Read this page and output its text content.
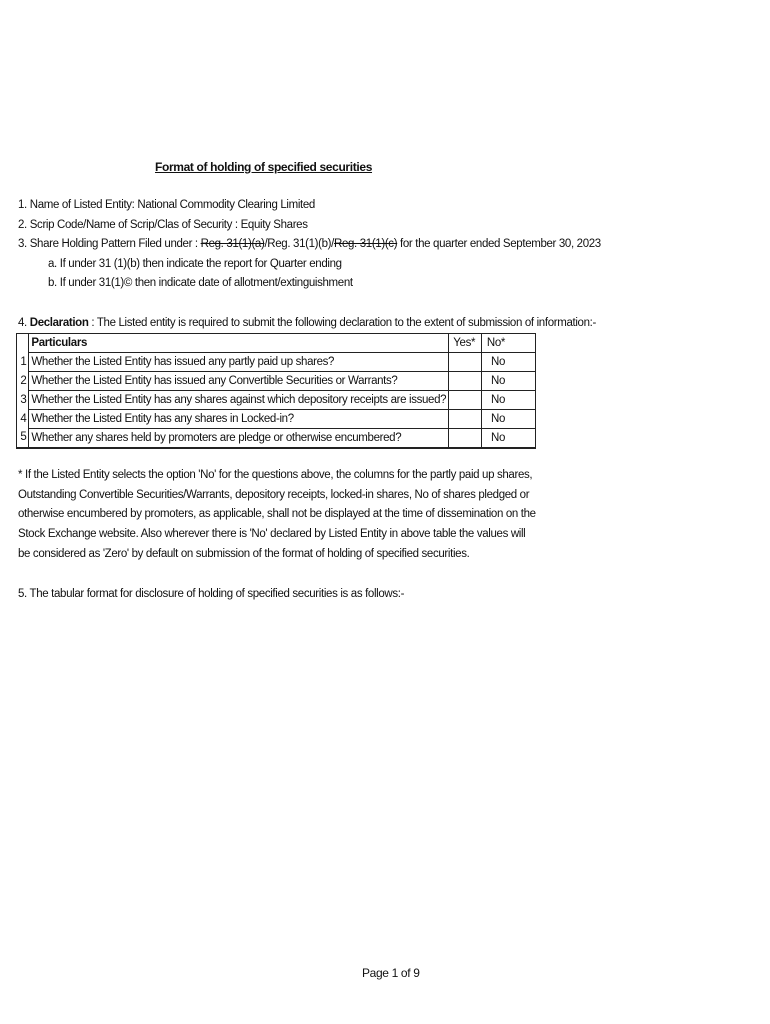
Format of holding of specified securities
1. Name of Listed Entity: National Commodity Clearing Limited
2. Scrip Code/Name of Scrip/Clas of Security : Equity Shares
3. Share Holding Pattern Filed under : Reg. 31(1)(a)/Reg. 31(1)(b)/Reg. 31(1)(c) for the quarter ended September 30, 2023
a. If under 31 (1)(b) then indicate the report for Quarter ending
b. If under 31(1)© then indicate date of allotment/extinguishment
4. Declaration : The Listed entity is required to submit the following declaration to the extent of submission of information:-
	Particulars	Yes*	No*
1	Whether the Listed Entity has issued any partly paid up shares?		No
2	Whether the Listed Entity has issued any Convertible Securities or Warrants?		No
3	Whether the Listed Entity has any shares against which depository receipts are issued?		No
4	Whether the Listed Entity has any shares in Locked-in?		No
5	Whether any shares held by promoters are pledge or otherwise encumbered?		No
* If the Listed Entity selects the option 'No' for the questions above, the columns for the partly paid up shares, Outstanding Convertible Securities/Warrants, depository receipts, locked-in shares, No of shares pledged or otherwise encumbered by promoters, as applicable, shall not be displayed at the time of dissemination on the Stock Exchange website. Also wherever there is 'No' declared by Listed Entity in above table the values will be considered as 'Zero' by default on submission of the format of holding of specified securities.
5. The tabular format for disclosure of holding of specified securities is as follows:-
Page 1 of 9
